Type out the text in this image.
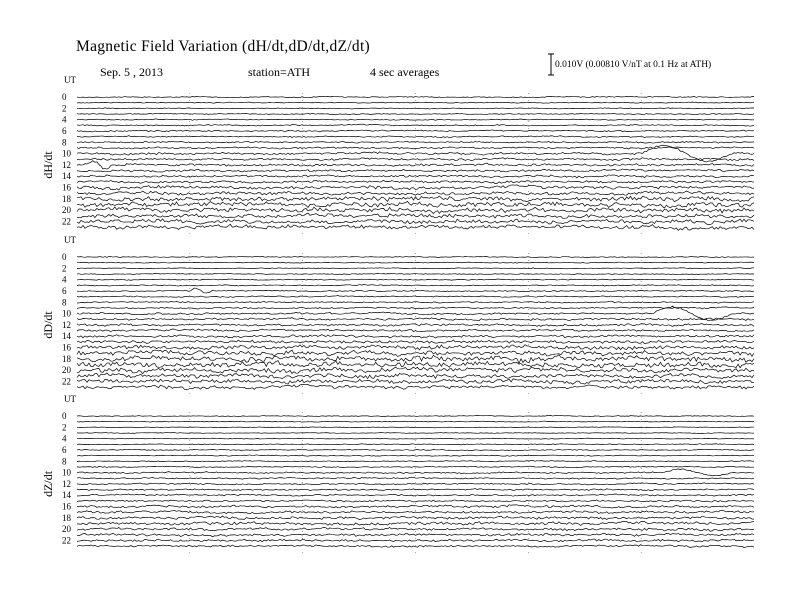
Magnetic Field Variation (dH/dt,dD/dt,dZ/dt)
Sep. 5 , 2013	station=ATH	4 sec averages	0.010V (0.00810 V/nT at 0.1 Hz at ATH)
UT
dH/dt
0
2
4
6
8
10
12
14
16
18
20
22
UT
dD/dt
0
2
4
6
8
10
12
14
16
18
20
22
UT
dZ/dt
0
2
4
6
8
10
12
14
16
18
20
22
